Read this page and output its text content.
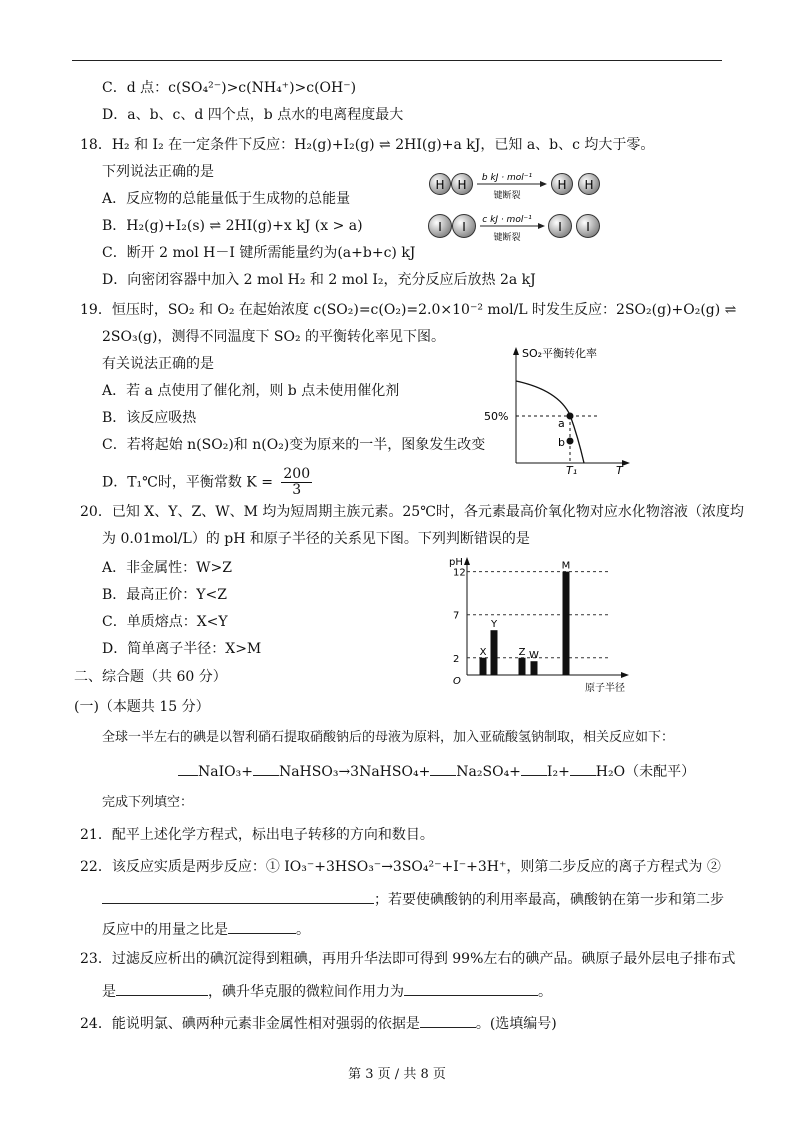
C．d 点：c(SO₄²⁻)>c(NH₄⁺)>c(OH⁻)
D．a、b、c、d 四个点，b 点水的电离程度最大
18．H₂ 和 I₂ 在一定条件下反应：H₂(g)+I₂(g) ⇌ 2HI(g)+a kJ，已知 a、b、c 均大于零。
下列说法正确的是
A．反应物的总能量低于生成物的总能量
B．H₂(g)+I₂(s) ⇌ 2HI(g)+x kJ (x > a)
C．断开 2 mol H－I 键所需能量约为(a+b+c) kJ
D．向密闭容器中加入 2 mol H₂ 和 2 mol I₂，充分反应后放热 2a kJ
H H b kJ · mol⁻¹
键断裂
H H
I I c kJ · mol⁻¹
键断裂
I I
19．恒压时，SO₂ 和 O₂ 在起始浓度 c(SO₂)=c(O₂)=2.0×10⁻² mol/L 时发生反应：2SO₂(g)+O₂(g) ⇌
2SO₃(g)，测得不同温度下 SO₂ 的平衡转化率见下图。
有关说法正确的是
A．若 a 点使用了催化剂，则 b 点未使用催化剂
B．该反应吸热
C．若将起始 n(SO₂)和 n(O₂)变为原来的一半，图象发生改变
D．T₁℃时，平衡常数 $K = \frac{200}{3}$
SO₂平衡转化率
50%
a
b
T₁	T
20．已知 X、Y、Z、W、M 均为短周期主族元素。25℃时，各元素最高价氧化物对应水化物溶液（浓度均
为 0.01mol/L）的 pH 和原子半径的关系见下图。下列判断错误的是
A．非金属性：W>Z
B．最高正价：Y<Z
C．单质熔点：X<Y
D．简单离子半径：X>M
pH
O
原子半径
2
7
12
X
Y
Z W
M
二、综合题（共 60 分）
(一)（本题共 15 分）
全球一半左右的碘是以智利硝石提取硝酸钠后的母液为原料，加入亚硫酸氢钠制取，相关反应如下：
NaIO₃+ NaHSO₃→3NaHSO₄+ Na₂SO₄+ I₂+ H₂O（未配平）
完成下列填空：
21．配平上述化学方程式，标出电子转移的方向和数目。
22．该反应实质是两步反应：① IO₃⁻+3HSO₃⁻→3SO₄²⁻+I⁻+3H⁺，则第二步反应的离子方程式为 ②
；若要使碘酸钠的利用率最高，碘酸钠在第一步和第二步
反应中的用量之比是	。
23．过滤反应析出的碘沉淀得到粗碘，再用升华法即可得到 99%左右的碘产品。碘原子最外层电子排布式
是	，碘升华克服的微粒间作用力为	。
24．能说明氯、碘两种元素非金属性相对强弱的依据是	。(选填编号)
第 3 页 / 共 8 页
